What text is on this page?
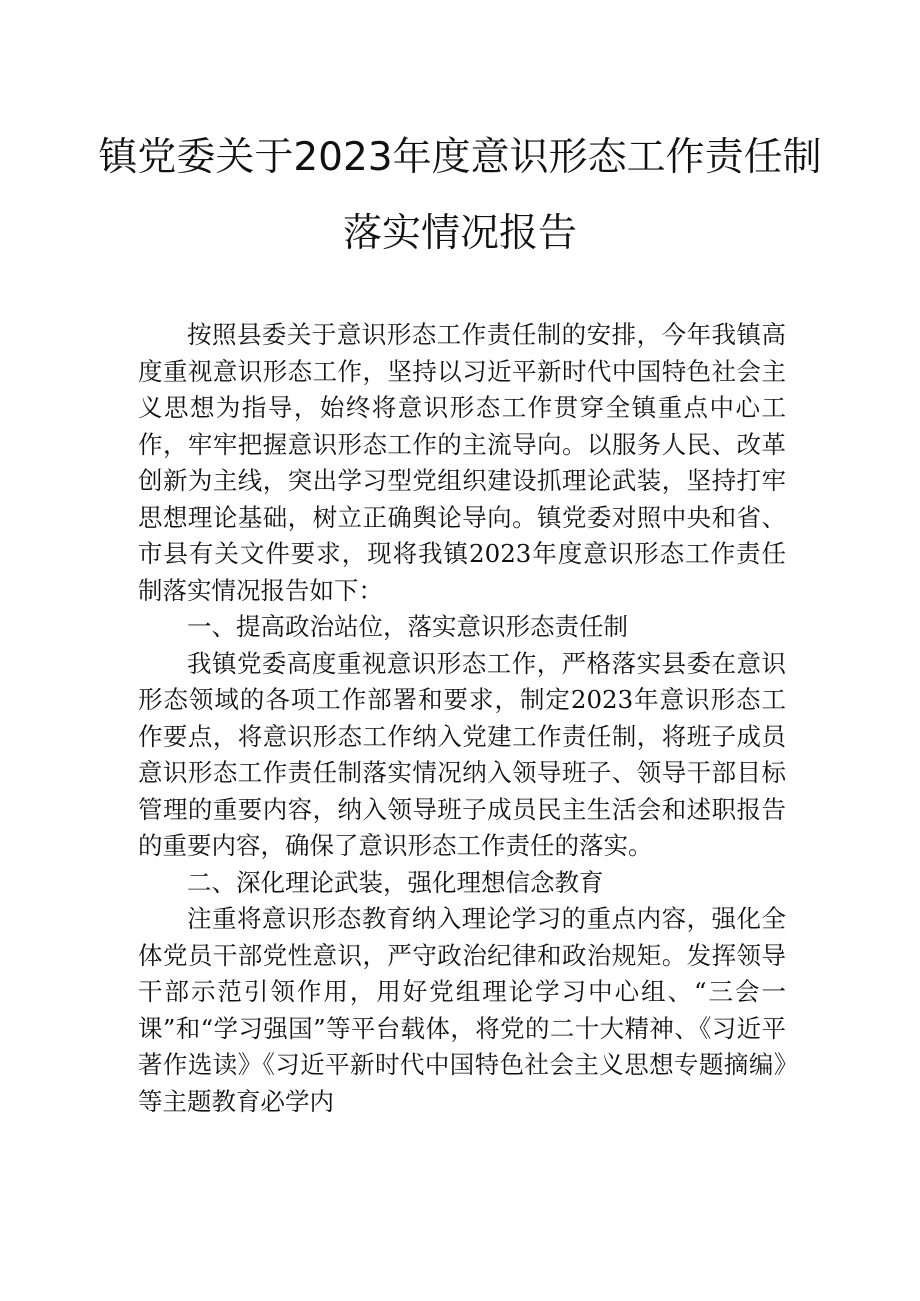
镇党委关于2023年度意识形态工作责任制
落实情况报告

按照县委关于意识形态工作责任制的安排，今年我镇高度重视意识形态工作，坚持以习近平新时代中国特色社会主义思想为指导，始终将意识形态工作贯穿全镇重点中心工作，牢牢把握意识形态工作的主流导向。以服务人民、改革创新为主线，突出学习型党组织建设抓理论武装，坚持打牢思想理论基础，树立正确舆论导向。镇党委对照中央和省、市县有关文件要求，现将我镇2023年度意识形态工作责任制落实情况报告如下：

一、提高政治站位，落实意识形态责任制

我镇党委高度重视意识形态工作，严格落实县委在意识形态领域的各项工作部署和要求，制定2023年意识形态工作要点，将意识形态工作纳入党建工作责任制，将班子成员意识形态工作责任制落实情况纳入领导班子、领导干部目标管理的重要内容，纳入领导班子成员民主生活会和述职报告的重要内容，确保了意识形态工作责任的落实。

二、深化理论武装，强化理想信念教育

注重将意识形态教育纳入理论学习的重点内容，强化全体党员干部党性意识，严守政治纪律和政治规矩。发挥领导干部示范引领作用，用好党组理论学习中心组、“三会一课”和“学习强国”等平台载体，将党的二十大精神、《习近平著作选读》《习近平新时代中国特色社会主义思想专题摘编》等主题教育必学内
